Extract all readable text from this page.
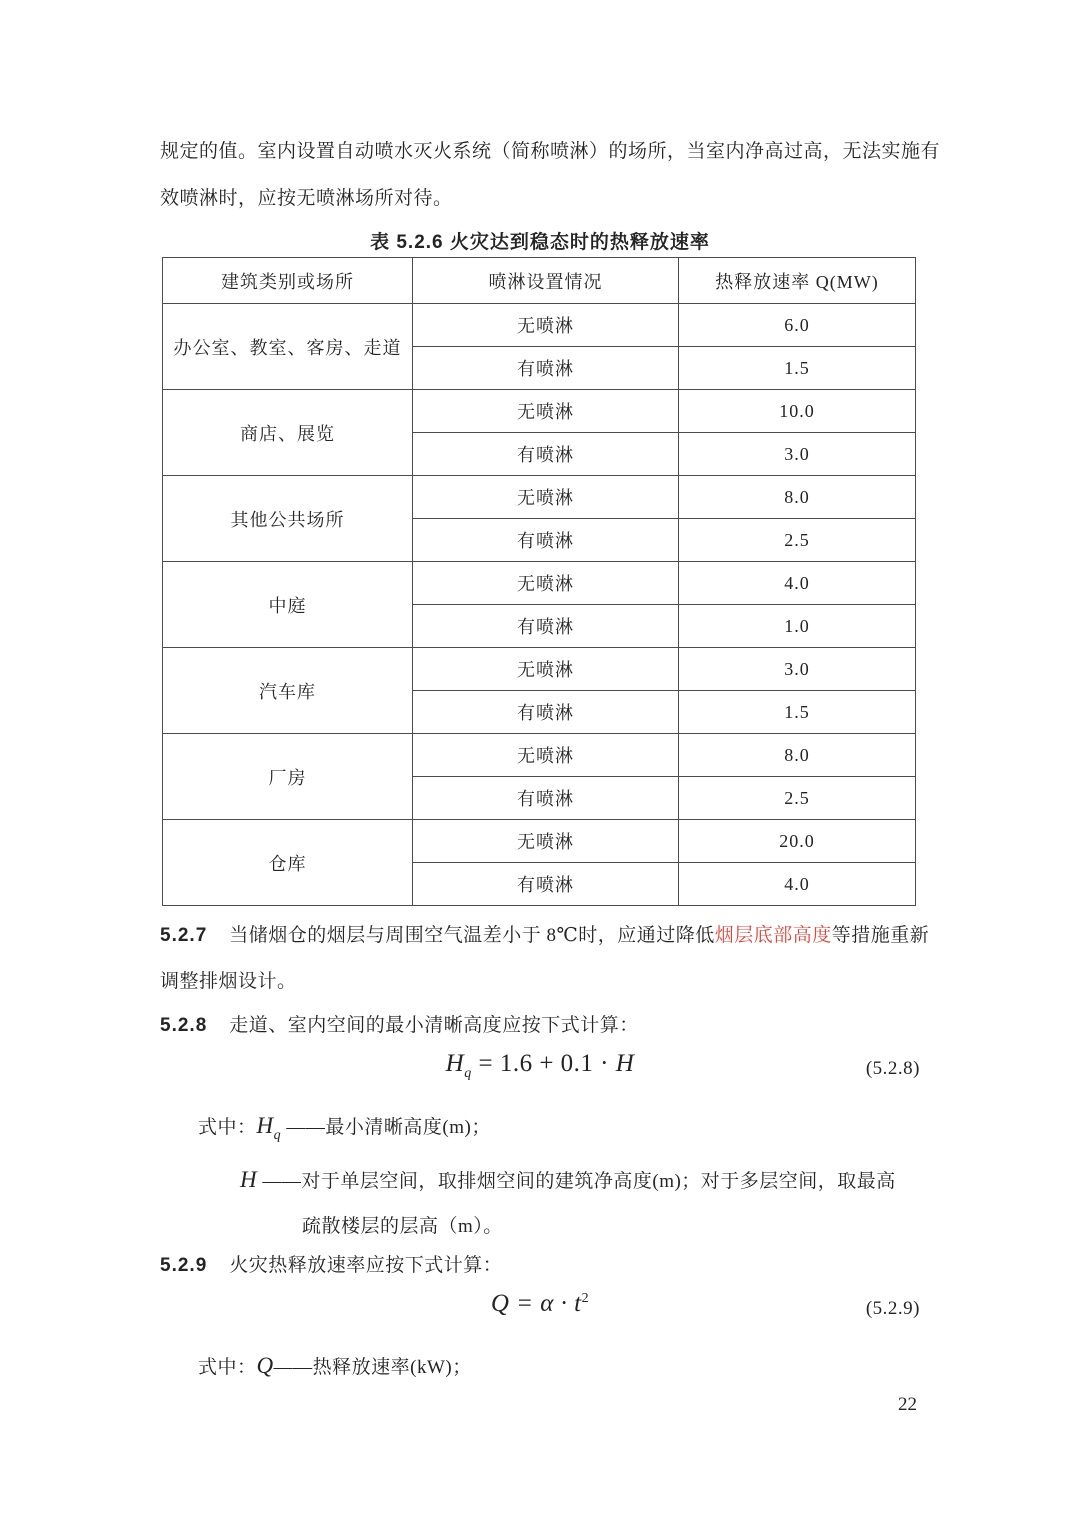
规定的值。室内设置自动喷水灭火系统（简称喷淋）的场所，当室内净高过高，无法实施有
效喷淋时，应按无喷淋场所对待。
表 5.2.6 火灾达到稳态时的热释放速率
建筑类别或场所	喷淋设置情况	热释放速率 Q(MW)
办公室、教室、客房、走道	无喷淋	6.0
	有喷淋	1.5
商店、展览	无喷淋	10.0
	有喷淋	3.0
其他公共场所	无喷淋	8.0
	有喷淋	2.5
中庭	无喷淋	4.0
	有喷淋	1.0
汽车库	无喷淋	3.0
	有喷淋	1.5
厂房	无喷淋	8.0
	有喷淋	2.5
仓库	无喷淋	20.0
	有喷淋	4.0
5.2.7 当储烟仓的烟层与周围空气温差小于 8℃时，应通过降低烟层底部高度等措施重新
调整排烟设计。
5.2.8 走道、室内空间的最小清晰高度应按下式计算：
$H_q = 1.6 + 0.1 \cdot H$	(5.2.8)
式中：$H_q$ ——最小清晰高度(m)；
H ——对于单层空间，取排烟空间的建筑净高度(m)；对于多层空间，取最高
疏散楼层的层高（m）。
5.2.9 火灾热释放速率应按下式计算：
$Q = \alpha \cdot t^2$	(5.2.9)
式中：Q——热释放速率(kW)；
22
